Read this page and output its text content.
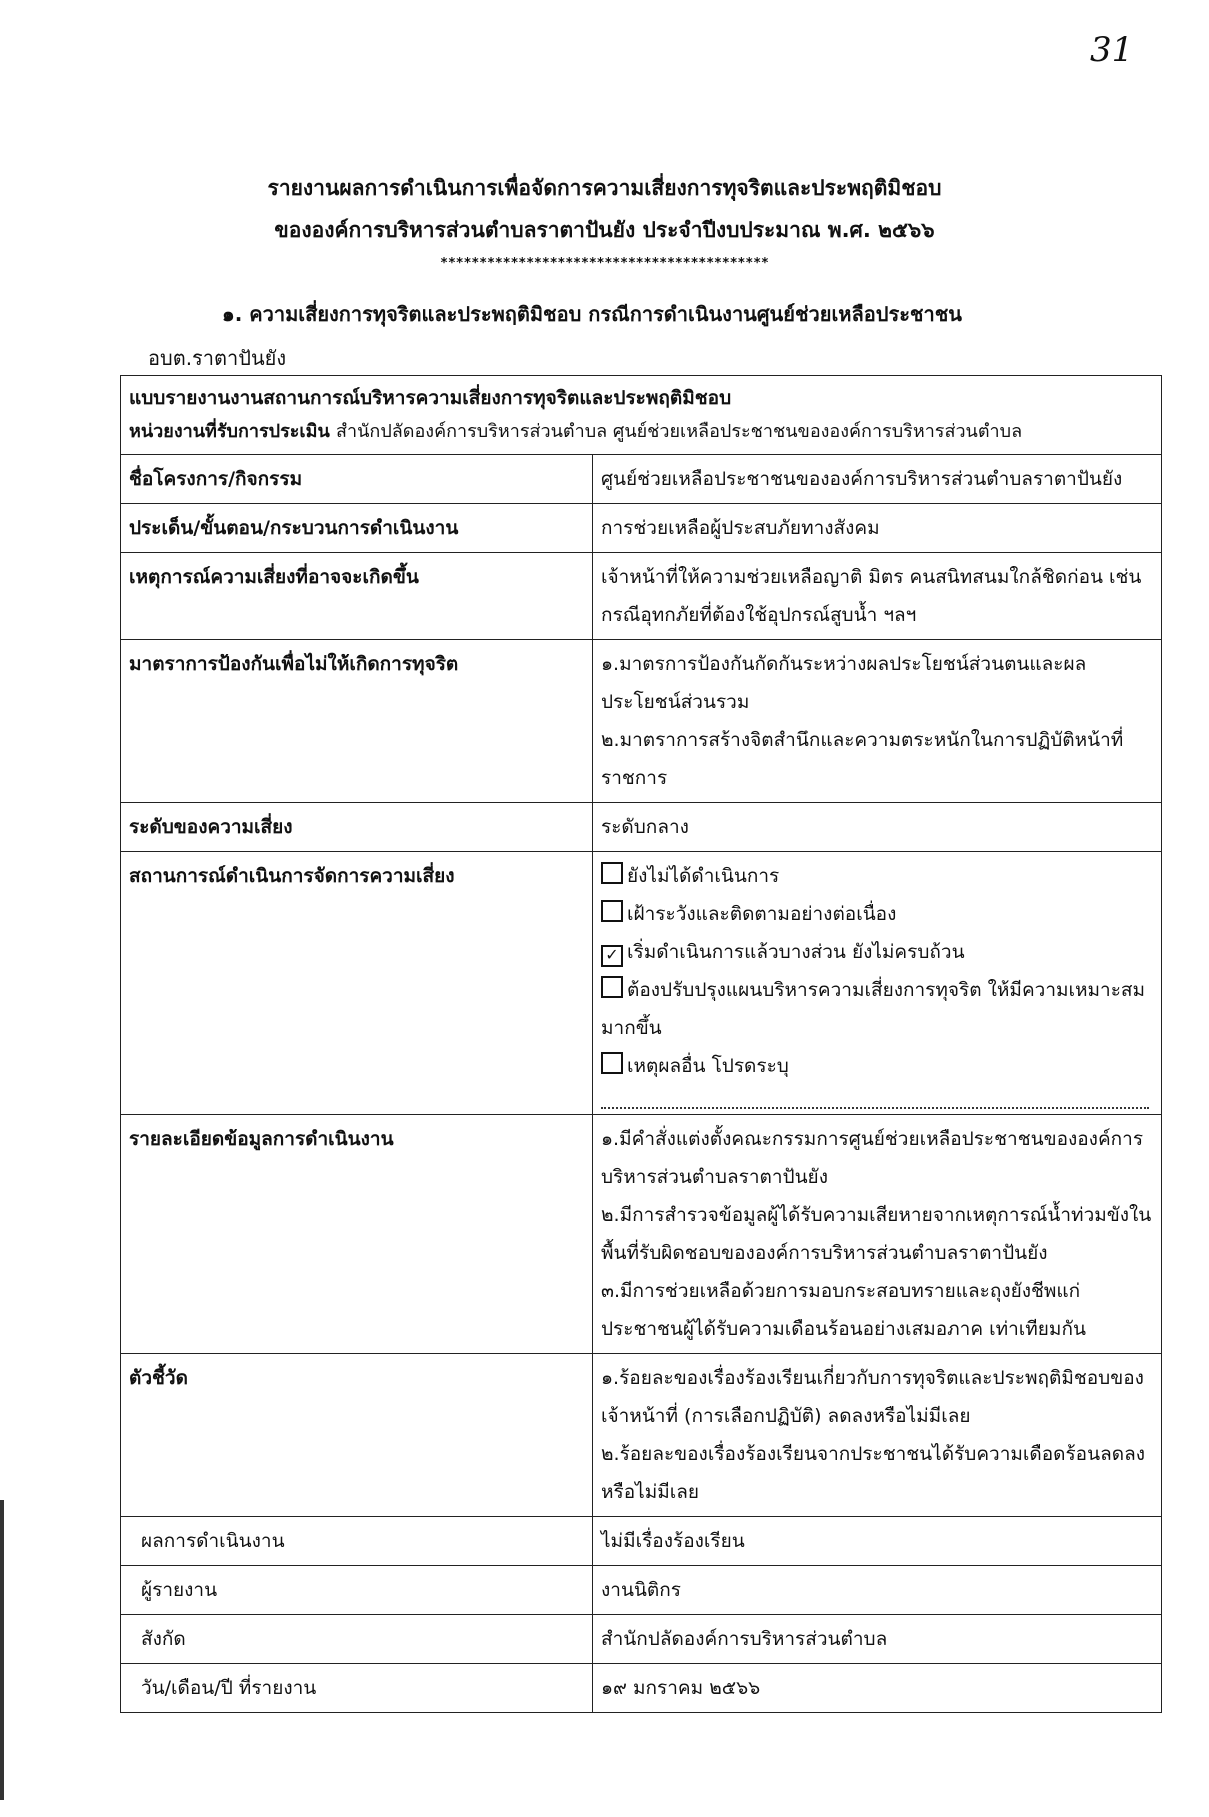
31
รายงานผลการดำเนินการเพื่อจัดการความเสี่ยงการทุจริตและประพฤติมิชอบ
ขององค์การบริหารส่วนตำบลราตาปันยัง ประจำปีงบประมาณ พ.ศ. ๒๕๖๖
******************************************
๑. ความเสี่ยงการทุจริตและประพฤติมิชอบ กรณีการดำเนินงานศูนย์ช่วยเหลือประชาชน
อบต.ราตาปันยัง
แบบรายงานงานสถานการณ์บริหารความเสี่ยงการทุจริตและประพฤติมิชอบ
หน่วยงานที่รับการประเมิน สำนักปลัดองค์การบริหารส่วนตำบล ศูนย์ช่วยเหลือประชาชนขององค์การบริหารส่วนตำบล	

ชื่อโครงการ/กิจกรรม	ศูนย์ช่วยเหลือประชาชนขององค์การบริหารส่วนตำบลราตาปันยัง
ประเด็น/ขั้นตอน/กระบวนการดำเนินงาน	การช่วยเหลือผู้ประสบภัยทางสังคม
เหตุการณ์ความเสี่ยงที่อาจจะเกิดขึ้น	เจ้าหน้าที่ให้ความช่วยเหลือญาติ มิตร คนสนิทสนมใกล้ชิดก่อน เช่น กรณีอุทกภัยที่ต้องใช้อุปกรณ์สูบน้ำ ฯลฯ
มาตราการป้องกันเพื่อไม่ให้เกิดการทุจริต	๑.มาตรการป้องกันกัดกันระหว่างผลประโยชน์ส่วนตนและผลประโยชน์ส่วนรวม
๒.มาตราการสร้างจิตสำนึกและความตระหนักในการปฏิบัติหน้าที่ราชการ

ระดับของความเสี่ยง	ระดับกลาง
สถานการณ์ดำเนินการจัดการความเสี่ยง	ยังไม่ได้ดำเนินการ
เฝ้าระวังและติดตามอย่างต่อเนื่อง
✓ เริ่มดำเนินการแล้วบางส่วน ยังไม่ครบถ้วน
ต้องปรับปรุงแผนบริหารความเสี่ยงการทุจริต ให้มีความเหมาะสมมากขึ้น
เหตุผลอื่น โปรดระบุ

รายละเอียดข้อมูลการดำเนินงาน	๑.มีคำสั่งแต่งตั้งคณะกรรมการศูนย์ช่วยเหลือประชาชนขององค์การบริหารส่วนตำบลราตาปันยัง
๒.มีการสำรวจข้อมูลผู้ได้รับความเสียหายจากเหตุการณ์น้ำท่วมขังในพื้นที่รับผิดชอบขององค์การบริหารส่วนตำบลราตาปันยัง
๓.มีการช่วยเหลือด้วยการมอบกระสอบทรายและถุงยังชีพแก่ประชาชนผู้ได้รับความเดือนร้อนอย่างเสมอภาค เท่าเทียมกัน

ตัวชี้วัด	๑.ร้อยละของเรื่องร้องเรียนเกี่ยวกับการทุจริตและประพฤติมิชอบของเจ้าหน้าที่ (การเลือกปฏิบัติ) ลดลงหรือไม่มีเลย
๒.ร้อยละของเรื่องร้องเรียนจากประชาชนได้รับความเดือดร้อนลดลงหรือไม่มีเลย

ผลการดำเนินงาน	ไม่มีเรื่องร้องเรียน
ผู้รายงาน	งานนิติกร
สังกัด	สำนักปลัดองค์การบริหารส่วนตำบล
วัน/เดือน/ปี ที่รายงาน	๑๙ มกราคม ๒๕๖๖
